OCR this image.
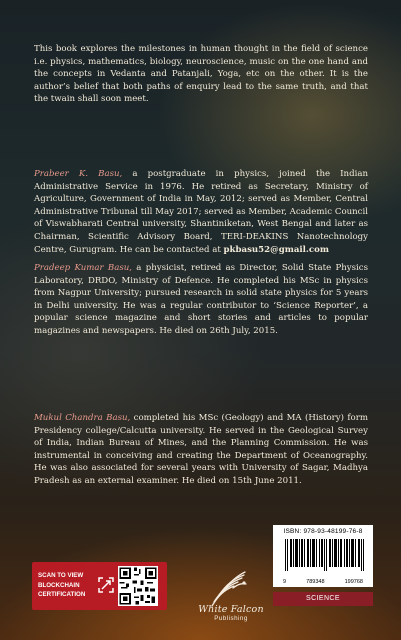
This book explores the milestones in human thought in the field of science i.e. physics, mathematics, biology, neuroscience, music on the one hand and the concepts in Vedanta and Patanjali, Yoga, etc on the other. It is the author’s belief that both paths of enquiry lead to the same truth, and that the twain shall soon meet.
Prabeer K. Basu, a postgraduate in physics, joined the Indian Administrative Service in 1976. He retired as Secretary, Ministry of Agriculture, Government of India in May, 2012; served as Member, Central Administrative Tribunal till May 2017; served as Member, Academic Council of Viswabharati Central university, Shantiniketan, West Bengal and later as Chairman, Scientific Advisory Board, TERI-DEAKINS Nanotechnology Centre, Gurugram. He can be contacted at pkbasu52@gmail.com
Pradeep Kumar Basu, a physicist, retired as Director, Solid State Physics Laboratory, DRDO, Ministry of Defence. He completed his MSc in physics from Nagpur University; pursued research in solid state physics for 5 years in Delhi university. He was a regular contributor to ‘Science Reporter’, a popular science magazine and short stories and articles to popular magazines and newspapers. He died on 26th July, 2015.
Mukul Chandra Basu, completed his MSc (Geology) and MA (History) form Presidency college/Calcutta university. He served in the Geological Survey of India, Indian Bureau of Mines, and the Planning Commission. He was instrumental in conceiving and creating the Department of Oceanography. He was also associated for several years with University of Sagar, Madhya Pradesh as an external examiner. He died on 15th June 2011.
ISBN: 978-93-48199-76-8
9	789348	199768
SCIENCE
SCAN TO VIEW
BLOCKCHAIN
CERTIFICATION
White Falcon
Publishing
